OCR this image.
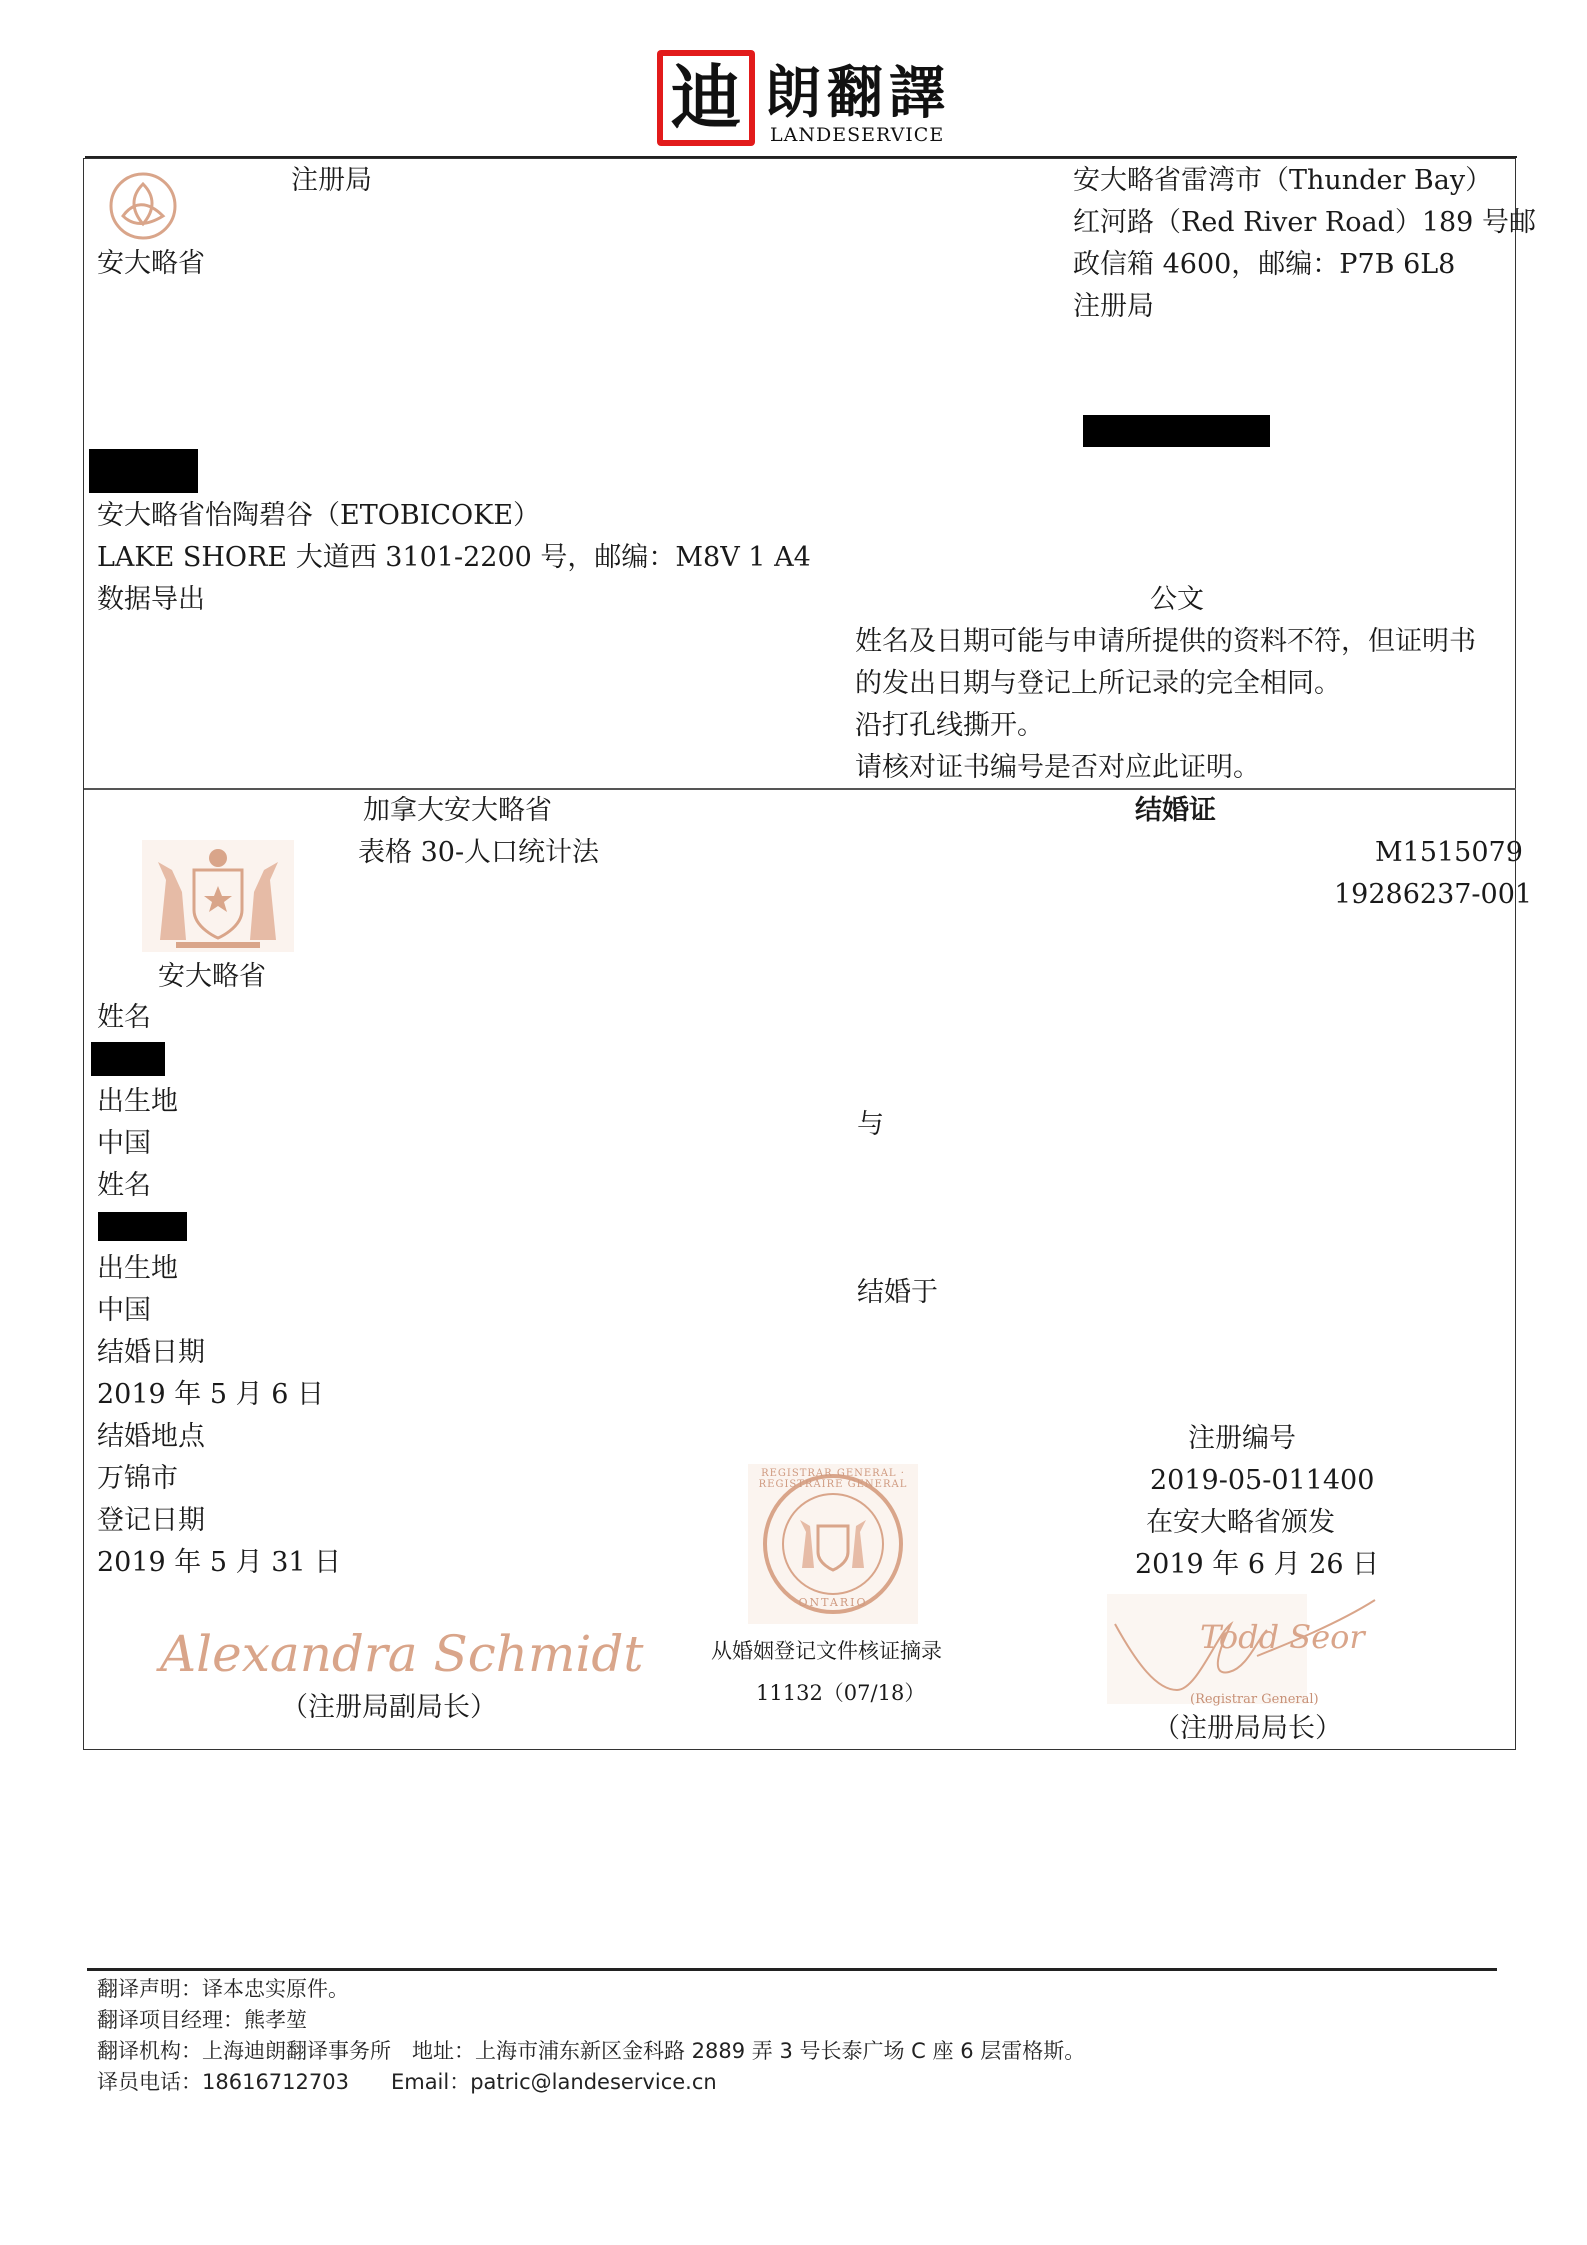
迪 朗翻譯
LANDESERVICE
注册局
安大略省
安大略省雷湾市（Thunder Bay）
红河路（Red River Road）189 号邮
政信箱 4600，邮编：P7B 6L8
注册局
安大略省怡陶碧谷（ETOBICOKE）
LAKE SHORE 大道西 3101-2200 号，邮编：M8V 1 A4
数据导出	公文
姓名及日期可能与申请所提供的资料不符，但证明书
的发出日期与登记上所记录的完全相同。
沿打孔线撕开。
请核对证书编号是否对应此证明。
加拿大安大略省
表格 30-人口统计法
结婚证
M1515079
19286237-001
安大略省
姓名
出生地
中国
姓名
出生地
中国
结婚日期
2019 年 5 月 6 日
结婚地点
万锦市
登记日期
2019 年 5 月 31 日
与
结婚于
注册编号
2019-05-011400
在安大略省颁发
2019 年 6 月 26 日
REGISTRAR GENERAL · REGISTRAIRE GENERAL
ONTARIO
Alexandra Schmidt
（注册局副局长）
从婚姻登记文件核证摘录
11132（07/18）
Todd Seor
(Registrar General)
（注册局局长）
翻译声明：译本忠实原件。
翻译项目经理：熊孝堃
翻译机构：上海迪朗翻译事务所　地址：上海市浦东新区金科路 2889 弄 3 号长泰广场 C 座 6 层雷格斯。
译员电话：18616712703　　Email：patric@landeservice.cn
